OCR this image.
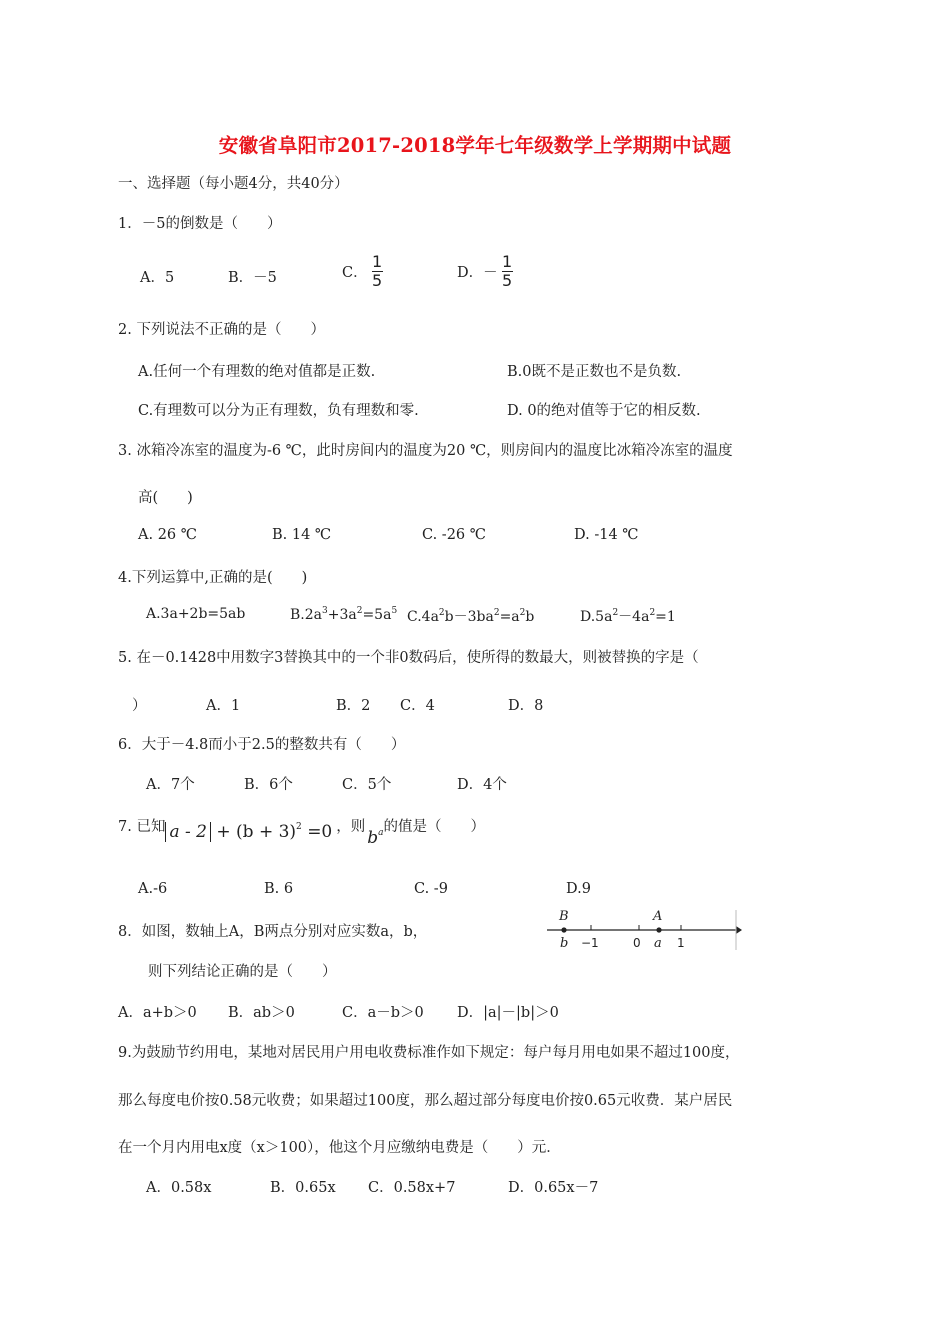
安徽省阜阳市2017-2018学年七年级数学上学期期中试题
一、选择题（每小题4分，共40分）
1．－5的倒数是（　　）
A．5	B．－5	C． $\frac{1}{5}$	D．－ $\frac{1}{5}$
2. 下列说法不正确的是（　　）
A.任何一个有理数的绝对值都是正数.	B.0既不是正数也不是负数.
C.有理数可以分为正有理数，负有理数和零.	D. 0的绝对值等于它的相反数.
3. 冰箱冷冻室的温度为-6 ℃，此时房间内的温度为20 ℃，则房间内的温度比冰箱冷冻室的温度
高(　　)
A. 26 ℃	B. 14 ℃	C. -26 ℃	D. -14 ℃
4.下列运算中,正确的是(　　)
A.3a+2b=5ab	$B.2a^3+3a^2=5a^5$ $C.4a^2b-3ba^2=a^2b$	$D.5a^2-4a^2=1$
5. 在－0.1428中用数字3替换其中的一个非0数码后，使所得的数最大，则被替换的字是（
）	A．1	B．2 C．4	D．8
6．大于－4.8而小于2.5的整数共有（　　）
A．7个	B．6个	C．5个	D．4个
7. 已知 $a - 2 + (b + 3)^2 =0$ ，则$b^a$的值是（　　）
A.-6	B. 6	C. -9	D.9
8．如图，数轴上A，B两点分别对应实数a，b，
则下列结论正确的是（　　）
B
b −1	0
A
a 1
A．a+b＞0 B．ab＞0	C．a－b＞0 D．|a|－|b|＞0
9.为鼓励节约用电，某地对居民用户用电收费标准作如下规定：每户每月用电如果不超过100度，
那么每度电价按0.58元收费；如果超过100度，那么超过部分每度电价按0.65元收费．某户居民
在一个月内用电x度（x＞100），他这个月应缴纳电费是（　　）元．
A．0.58x	B．0.65x C．0.58x+7	D．0.65x－7
